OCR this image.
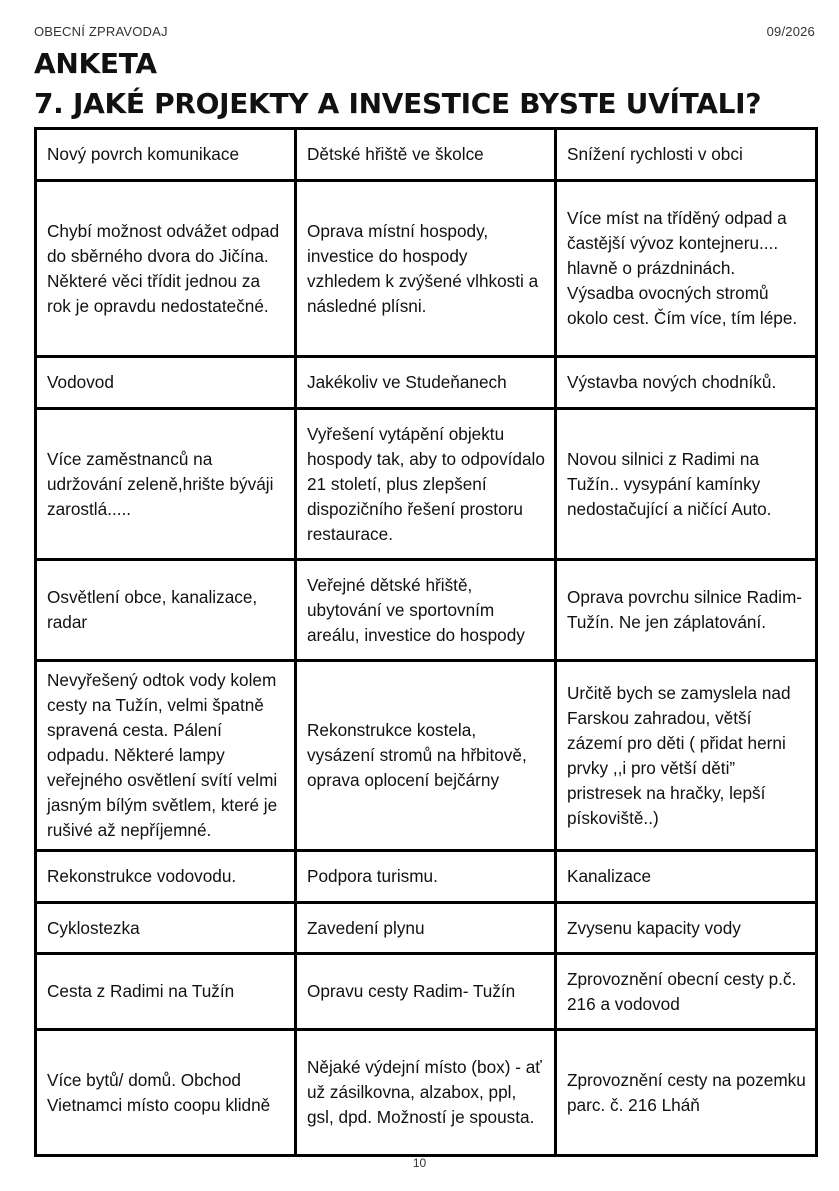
OBECNÍ ZPRAVODAJ	09/2026
ANKETA
7. JAKÉ PROJEKTY A INVESTICE BYSTE UVÍTALI?
Nový povrch komunikace	Dětské hřiště ve školce	Snížení rychlosti v obci
Chybí možnost odvážet odpad do sběrného dvora do Jičína. Některé věci třídit jednou za rok je opravdu nedostatečné.	Oprava místní hospody, investice do hospody vzhledem k zvýšené vlhkosti a následné plísni.	Více míst na tříděný odpad a častější vývoz kontejneru.... hlavně o prázdninách. Výsadba ovocných stromů okolo cest. Čím více, tím lépe.
Vodovod	Jakékoliv ve Studeňanech	Výstavba nových chodníků.
Více zaměstnanců na udržování zeleně,hrište býváji zarostlá.....	Vyřešení vytápění objektu hospody tak, aby to odpovídalo 21 století, plus zlepšení dispozičního řešení prostoru restaurace.	Novou silnici z Radimi na Tužín.. vysypání kamínky nedostačující a ničící Auto.
Osvětlení obce, kanalizace, radar	Veřejné dětské hřiště, ubytování ve sportovním areálu, investice do hospody	Oprava povrchu silnice Radim-Tužín. Ne jen záplatování.
Nevyřešený odtok vody kolem cesty na Tužín, velmi špatně spravená cesta. Pálení odpadu. Některé lampy veřejného osvětlení svítí velmi jasným bílým světlem, které je rušivé až nepříjemné.	Rekonstrukce kostela, vysázení stromů na hřbitově, oprava oplocení bejčárny	Určitě bych se zamyslela nad Farskou zahradou, větší zázemí pro děti ( přidat herni prvky ,,i pro větší děti” pristresek na hračky, lepší pískoviště..)
Rekonstrukce vodovodu.	Podpora turismu.	Kanalizace
Cyklostezka	Zavedení plynu	Zvysenu kapacity vody
Cesta z Radimi na Tužín	Opravu cesty Radim- Tužín	Zprovoznění obecní cesty p.č. 216 a vodovod
Více bytů/ domů. Obchod Vietnamci místo coopu klidně	Nějaké výdejní místo (box) - ať už zásilkovna, alzabox, ppl, gsl, dpd. Možností je spousta.	Zprovoznění cesty na pozemku parc. č. 216 Lháň
10
